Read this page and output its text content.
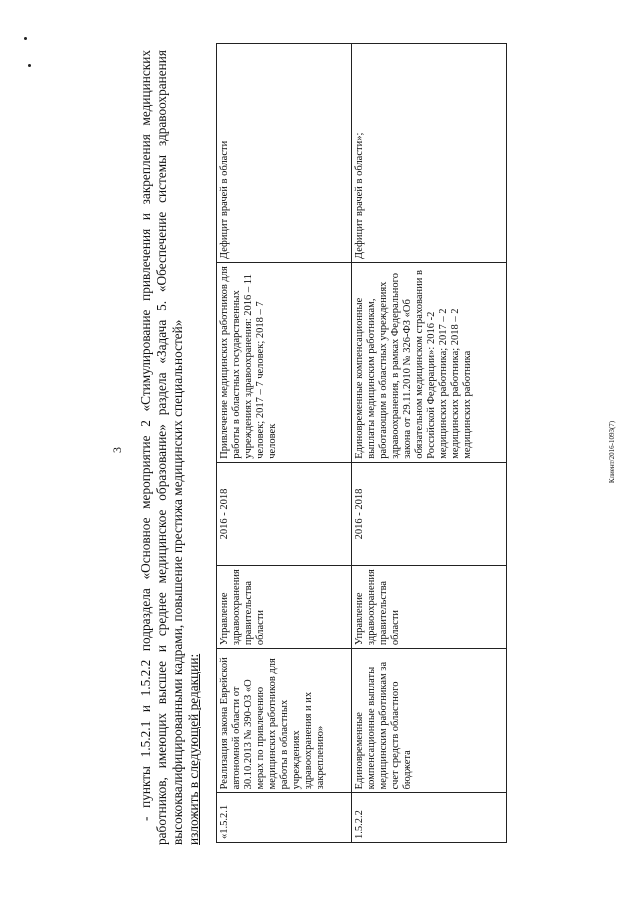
3 - пункты 1.5.2.1 и 1.5.2.2 подраздела «Основное мероприятие 2 «Стимулирование привлечения и закрепления медицинских работников, имеющих высшее и среднее медицинское образование» раздела «Задача 5. «Обеспечение системы здравоохранения высококвалифицированными кадрами, повышение престижа медицинских специальностей» изложить в следующей редакции: «1.5.2.1	Реализация закона Еврейской автономной области от 30.10.2013 № 390-ОЗ «О мерах по привлечению медицинских работников для работы в областных учреждениях здравоохранения и их закреплению»	Управление здравоохранения правительства области	2016 - 2018	Привлечение медицинских работников для работы в областных государственных учреждениях здравоохранения: 2016 – 11 человек; 2017 – 7 человек; 2018 – 7 человек	Дефицит врачей в области
1.5.2.2	Единовременные компенсационные выплаты медицинским работникам за счет средств областного бюджета	Управление здравоохранения правительства области	2016 - 2018	Единовременные компенсационные выплаты медицинским работникам, работающим в областных учреждениях здравоохранения, в рамках Федерального закона от 29.11.2010 № 326-ФЗ «Об обязательном медицинском страховании в Российской Федерации»: 2016 -2 медицинских работника; 2017 – 2 медицинских работника; 2018 – 2 медицинских работника	Дефицит врачей в области»;
Клиент/2016-1093(7)
